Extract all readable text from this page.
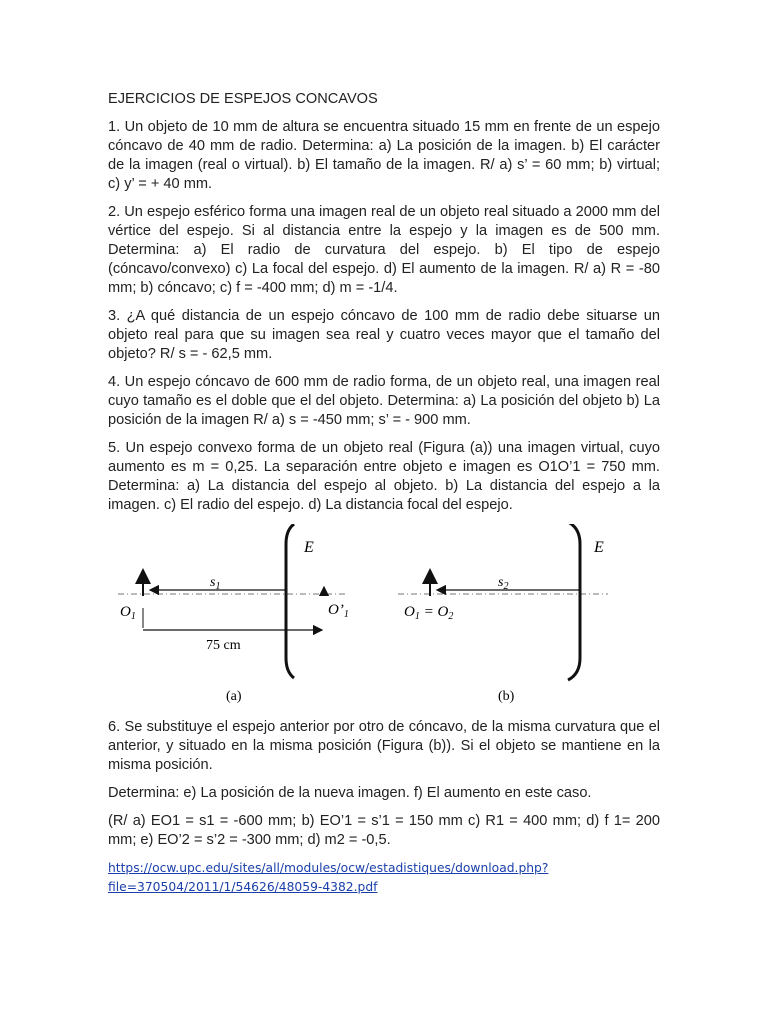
EJERCICIOS DE ESPEJOS CONCAVOS

1. Un objeto de 10 mm de altura se encuentra situado 15 mm en frente de un espejo cóncavo de 40 mm de radio. Determina: a) La posición de la imagen. b) El carácter de la imagen (real o virtual). b) El tamaño de la imagen. R/ a) s’ = 60 mm; b) virtual; c) y’ = + 40 mm.

2. Un espejo esférico forma una imagen real de un objeto real situado a 2000 mm del vértice del espejo. Si al distancia entre la espejo y la imagen es de 500 mm. Determina: a) El radio de curvatura del espejo. b) El tipo de espejo (cóncavo/convexo) c) La focal del espejo. d) El aumento de la imagen. R/ a) R = -80 mm; b) cóncavo; c) f = -400 mm; d) m = -1/4.

3. ¿A qué distancia de un espejo cóncavo de 100 mm de radio debe situarse un objeto real para que su imagen sea real y cuatro veces mayor que el tamaño del objeto? R/ s = - 62,5 mm.

4. Un espejo cóncavo de 600 mm de radio forma, de un objeto real, una imagen real cuyo tamaño es el doble que el del objeto. Determina: a) La posición del objeto b) La posición de la imagen R/ a) s = -450 mm; s’ = - 900 mm.

5. Un espejo convexo forma de un objeto real (Figura (a)) una imagen virtual, cuyo aumento es m = 0,25. La separación entre objeto e imagen es O1O’1 = 750 mm. Determina: a) La distancia del espejo al objeto. b) La distancia del espejo a la imagen. c) El radio del espejo. d) La distancia focal del espejo.

E
$s_1$
$O_1$	$O’_1$
75 cm
(a)
E
$s_2$
$O_1 = O_2$
(b)

6. Se substituye el espejo anterior por otro de cóncavo, de la misma curvatura que el anterior, y situado en la misma posición (Figura (b)). Si el objeto se mantiene en la misma posición.

Determina: e) La posición de la nueva imagen. f) El aumento en este caso.

(R/ a) EO1 = s1 = -600 mm; b) EO’1 = s’1 = 150 mm c) R1 = 400 mm; d) f 1= 200 mm; e) EO’2 = s’2 = -300 mm; d) m2 = -0,5.

https://ocw.upc.edu/sites/all/modules/ocw/estadistiques/download.php?
file=370504/2011/1/54626/48059-4382.pdf
